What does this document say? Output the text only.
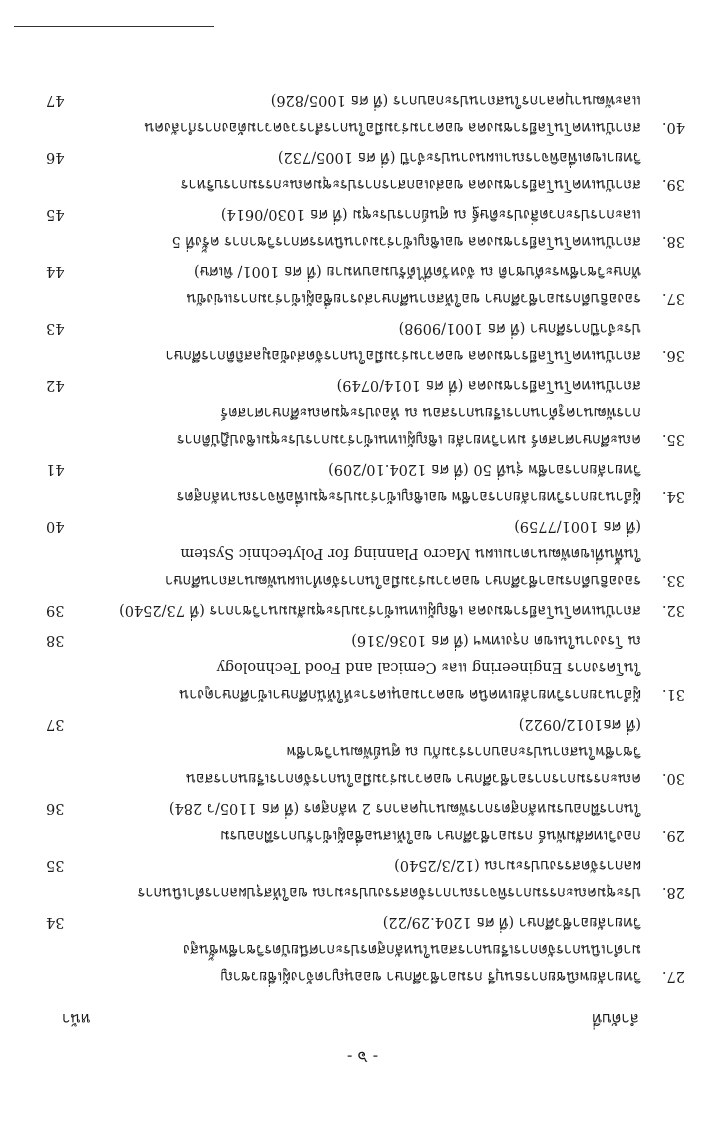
- ๖ -
ลำดับที่
หน้า
27.
วิทยาลัยพณิชยการธนบุรี กรมอาชีวศึกษา ขออนุญาตจ้างผู้เชี่ยวชาญ
มาดำเนินการจัดการเรียนการสอนในหลักสูตรประกาศนียบัตรวิชาชีพชั้นสูง
วิทยาลัยอาชีวศึกษา (ที่ ศธ 1204.29/22)
34
28.
ประชุมคณะกรรมการพิจารณาการจัดสรรงบประมาณ ขอให้สรุปผลการดำเนินการ
ผลการจัดสรรงบประมาณ (12/3/2540)
35
29.
กองวิเทศสัมพันธ์ กรมอาชีวศึกษา ขอให้เสนอชื่อผู้เข้ารับการฝึกอบรม
ในการฝึกอบรมหลักสูตรการพัฒนาบุคลากร 2 หลักสูตร (ที่ ศธ 1105/ว 284)
36
30.
คณะกรรมการการอาชีวศึกษา ขอความร่วมมือในการจัดการเรียนการสอน
วิชาชีพในสถานประกอบการร่วมกับ ณ ศูนย์พัฒนาวิชาชีพ
(ที่ ศธ1012/0922)
37
31.
ผู้อำนวยการวิทยาลัยเทคนิค ขอความอนุเคราะห์ให้นักศึกษาเข้าศึกษาดูงาน
ในโครงการ Engineering และ Cemical and Food Technology
ณ โรงงานในเขต กรุงเทพฯ (ที่ ศธ 1036/316)
38
32.
สถาบันเทคโนโลยีราชมงคล เชิญผู้แทนเข้าร่วมประชุมสัมมนาวิชาการ (ที่ 73/2540)
39
33.
รองอธิบดีกรมอาชีวศึกษา ขอความร่วมมือในการจัดทำแผนพัฒนาสถานศึกษา
ในพื้นที่เขตพัฒนาตามแผน Macro Planning for Polytechnic System
(ที่ ศธ 1001/7759)
40
34.
ผู้อำนวยการวิทยาลัยการอาชีพ ขอเชิญเข้าร่วมประชุมเพื่อพิจารณาหลักสูตร
วิทยาลัยการอาชีพ รุ่นที่ 50 (ที่ ศธ 1204.10/209)
41
35.
คณะศึกษาศาสตร์ มหาวิทยาลัย เชิญผู้แทนเข้าร่วมการประชุมเชิงปฏิบัติการ
การพัฒนาครูด้านการเรียนการสอน ณ ห้องประชุมคณะศึกษาศาสตร์
สถาบันเทคโนโลยีราชมงคล (ที่ ศธ 1014/0749)
42
36.
สถาบันเทคโนโลยีราชมงคล ขอความร่วมมือในการจัดส่งข้อมูลสถิติการศึกษา
ประจำปีการศึกษา (ที่ ศธ 1001/9098)
43
37.
รองอธิบดีกรมอาชีวศึกษา ขอให้สถานศึกษาส่งรายชื่อผู้เข้าร่วมการแข่งขัน
ทักษะวิชาชีพระดับชาติ ณ จังหวัดที่ได้รับมอบหมาย (ที่ ศธ 1001/ พิเศษ)
44
38.
สถาบันเทคโนโลยีราชมงคล ขอเชิญเข้าร่วมงานนิทรรศการวิชาการ ครั้งที่ 5
และการประกวดสิ่งประดิษฐ์ ณ ศูนย์การประชุม (ที่ ศธ 1030/0614)
45
39.
สถาบันเทคโนโลยีราชมงคล ขอส่งเอกสารการประชุมคณะกรรมการบริหาร
วิทยาเขตเพื่อพิจารณาแผนงานประจำปี (ที่ ศธ 1005/732)
46
40.
สถาบันเทคโนโลยีราชมงคล ขอความร่วมมือในการสำรวจความต้องการกำลังคน
และพัฒนาบุคลากรในสถานประกอบการ (ที่ ศธ 1005/826)
47
